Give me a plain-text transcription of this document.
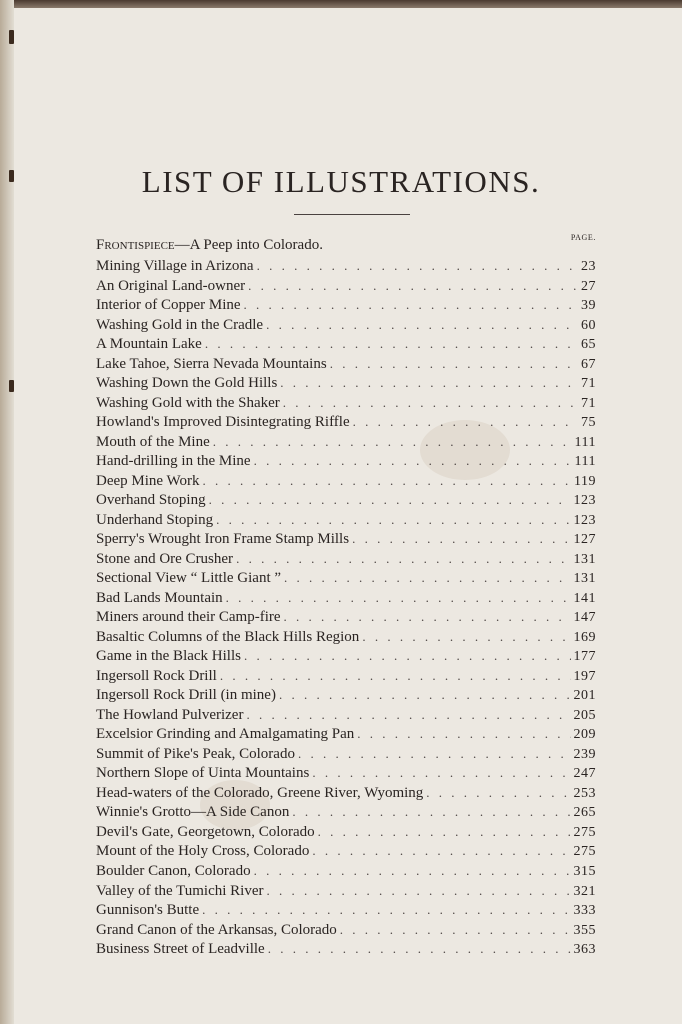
LIST OF ILLUSTRATIONS.
PAGE.
Frontispiece—A Peep into Colorado.
Mining Village in Arizona . . .	23
An Original Land-owner . . .	27
Interior of Copper Mine . . .	39
Washing Gold in the Cradle . . .	60
A Mountain Lake . . .	65
Lake Tahoe, Sierra Nevada Mountains . . .	67
Washing Down the Gold Hills . . .	71
Washing Gold with the Shaker . . .	71
Howland's Improved Disintegrating Riffle . . .	75
Mouth of the Mine . . .	111
Hand-drilling in the Mine . . .	111
Deep Mine Work . . .	119
Overhand Stoping . . .	123
Underhand Stoping . . .	123
Sperry's Wrought Iron Frame Stamp Mills . . .	127
Stone and Ore Crusher . . .	131
Sectional View “ Little Giant ” . . .	131
Bad Lands Mountain . . .	141
Miners around their Camp-fire . . .	147
Basaltic Columns of the Black Hills Region . . .	169
Game in the Black Hills . . .	177
Ingersoll Rock Drill . . .	197
Ingersoll Rock Drill (in mine) . . .	201
The Howland Pulverizer . . .	205
Excelsior Grinding and Amalgamating Pan . . .	209
Summit of Pike's Peak, Colorado . . .	239
Northern Slope of Uinta Mountains . . .	247
Head-waters of the Colorado, Greene River, Wyoming . . .	253
Winnie's Grotto—A Side Canon . . .	265
Devil's Gate, Georgetown, Colorado . . .	275
Mount of the Holy Cross, Colorado . . .	275
Boulder Canon, Colorado . . .	315
Valley of the Tumichi River . . .	321
Gunnison's Butte . . .	333
Grand Canon of the Arkansas, Colorado . . .	355
Business Street of Leadville . . .	363
